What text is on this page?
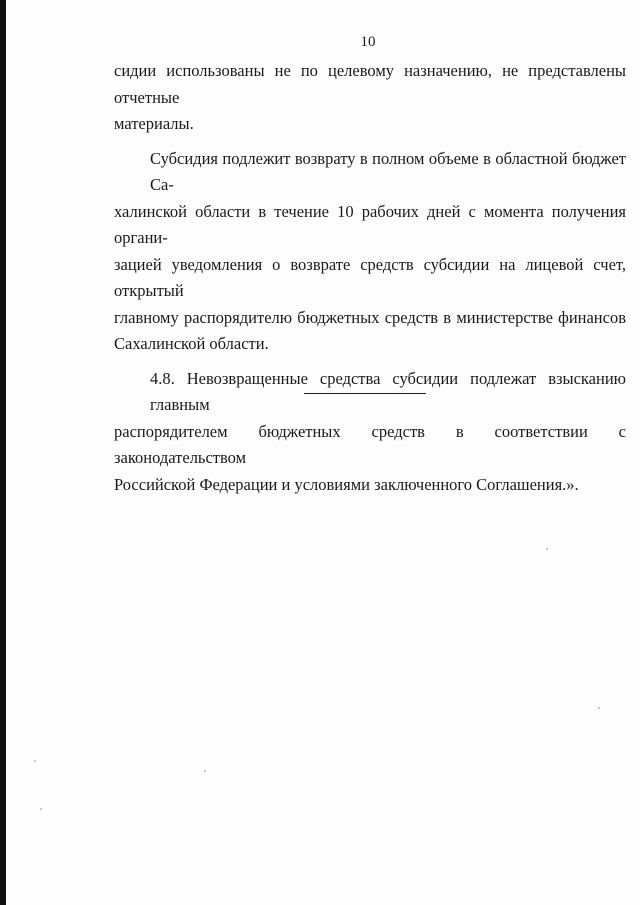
10
сидии использованы не по целевому назначению, не представлены отчетные
материалы.
Субсидия подлежит возврату в полном объеме в областной бюджет Са-
халинской области в течение 10 рабочих дней с момента получения органи-
зацией уведомления о возврате средств субсидии на лицевой счет, открытый
главному распорядителю бюджетных средств в министерстве финансов
Сахалинской области.
4.8. Невозвращенные средства субсидии подлежат взысканию главным
распорядителем бюджетных средств в соответствии с законодательством
Российской Федерации и условиями заключенного Соглашения.».
